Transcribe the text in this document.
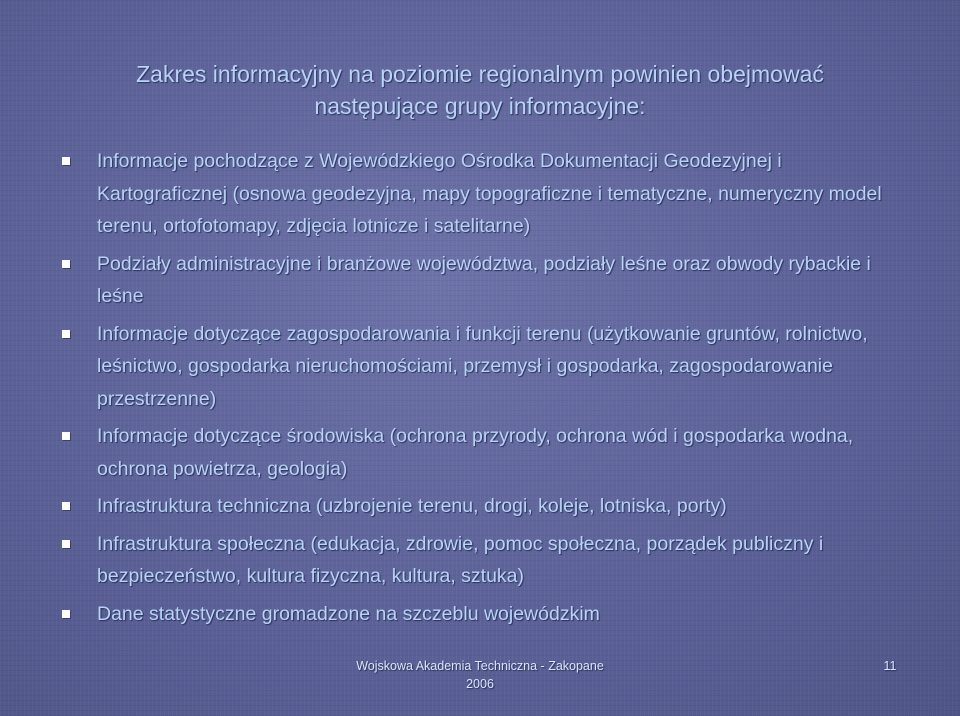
Zakres informacyjny na poziomie regionalnym powinien obejmować
następujące grupy informacyjne:
Informacje pochodzące z Wojewódzkiego Ośrodka Dokumentacji Geodezyjnej i Kartograficznej (osnowa geodezyjna, mapy topograficzne i tematyczne, numeryczny model terenu, ortofotomapy, zdjęcia lotnicze i satelitarne)
Podziały administracyjne i branżowe województwa, podziały leśne oraz obwody rybackie i leśne
Informacje dotyczące zagospodarowania i funkcji terenu (użytkowanie gruntów, rolnictwo, leśnictwo, gospodarka nieruchomościami, przemysł i gospodarka, zagospodarowanie przestrzenne)
Informacje dotyczące środowiska (ochrona przyrody, ochrona wód i gospodarka wodna, ochrona powietrza, geologia)
Infrastruktura techniczna (uzbrojenie terenu, drogi, koleje, lotniska, porty)
Infrastruktura społeczna (edukacja, zdrowie, pomoc społeczna, porządek publiczny i bezpieczeństwo, kultura fizyczna, kultura, sztuka)
Dane statystyczne gromadzone na szczeblu wojewódzkim
Wojskowa Akademia Techniczna - Zakopane
2006
11
